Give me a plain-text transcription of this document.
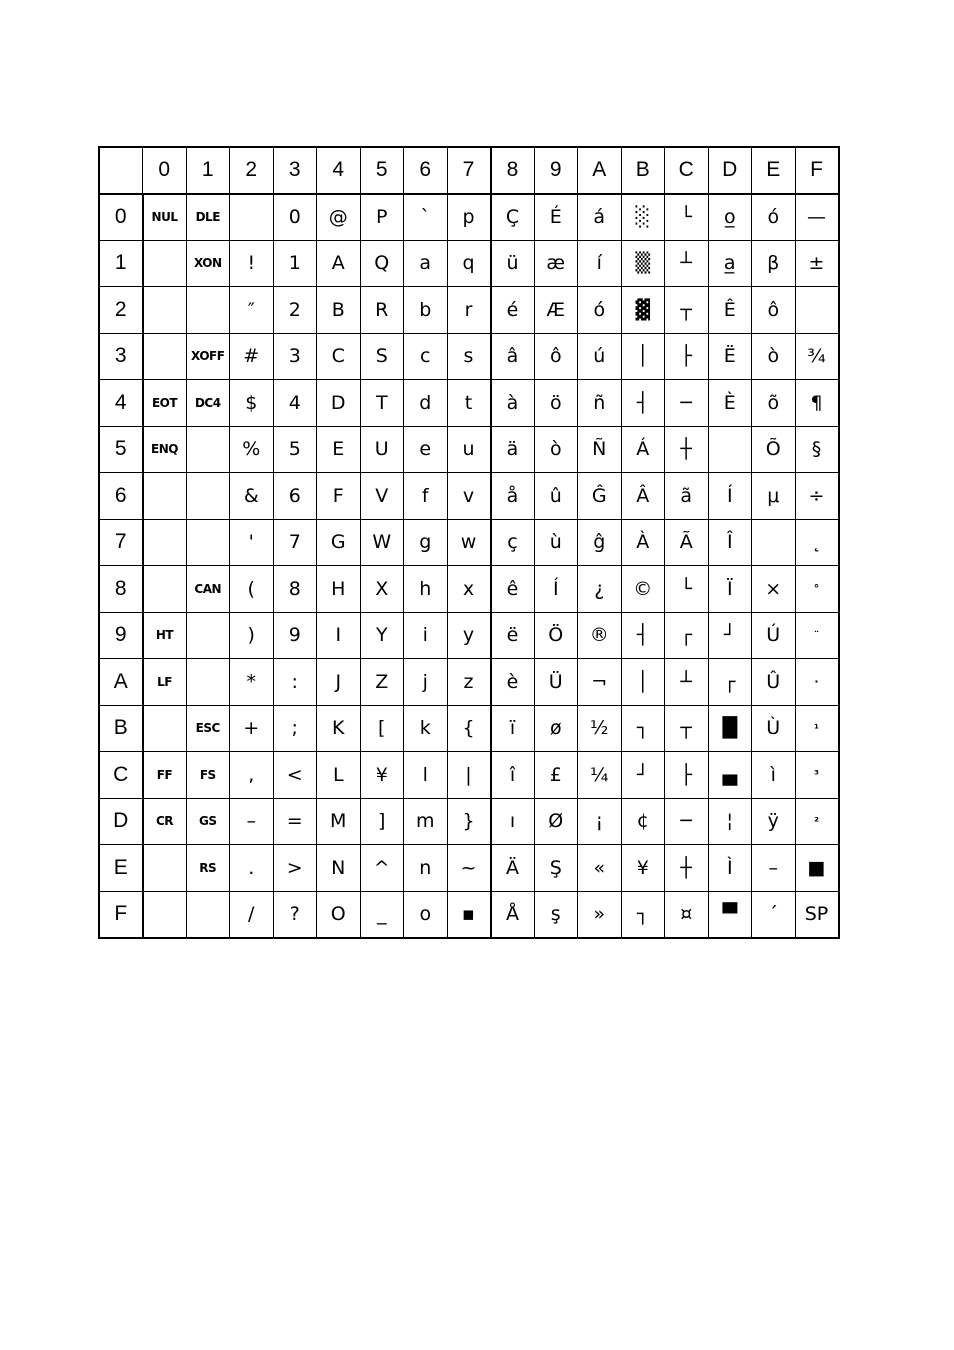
	0	1	2	3	4	5	6	7	8	9	A	B	C	D	E	F
0	NUL	DLE		0	@	P	`	p	Ç	É	á	░	└	o̲	ó	—
1		XON	!	1	A	Q	a	q	ü	æ	í	▒	┴	a̲	β	±
2			″	2	B	R	b	r	é	Æ	ó	▓	┬	Ê	ô	
3		XOFF	#	3	C	S	c	s	â	ô	ú	│	├	Ë	ò	¾
4	EOT	DC4	$	4	D	T	d	t	à	ö	ñ	┤	─	È	õ	¶
5	ENQ		%	5	E	U	e	u	ä	ò	Ñ	Á	┼		Õ	§
6			&	6	F	V	f	v	å	û	Ĝ	Â	ã	Í	μ	÷
7			'	7	G	W	g	w	ç	ù	ĝ	À	Ã	Î		˛
8		CAN	(	8	H	X	h	x	ê	Í	¿	©	└	Ï	×	°
9	HT		)	9	I	Y	i	y	ë	Ö	®	┤	┌	┘	Ú	¨
A	LF		*	:	J	Z	j	z	è	Ü	¬	│	┴	┌	Û	·
B		ESC	+	;	K	[	k	{	ï	ø	½	┐	┬	█	Ù	¹
C	FF	FS	,	<	L	¥	l	|	î	£	¼	┘	├	▄	ì	³
D	CR	GS	–	=	M	]	m	}	ı	Ø	¡	¢	─	¦	ÿ	²
E		RS	.	>	N	^	n	~	Ä	Ş	«	¥	┼	Ì	–	■
F			/	?	O	_	o	▪	Å	ş	»	┐	¤	▀	´	SP
